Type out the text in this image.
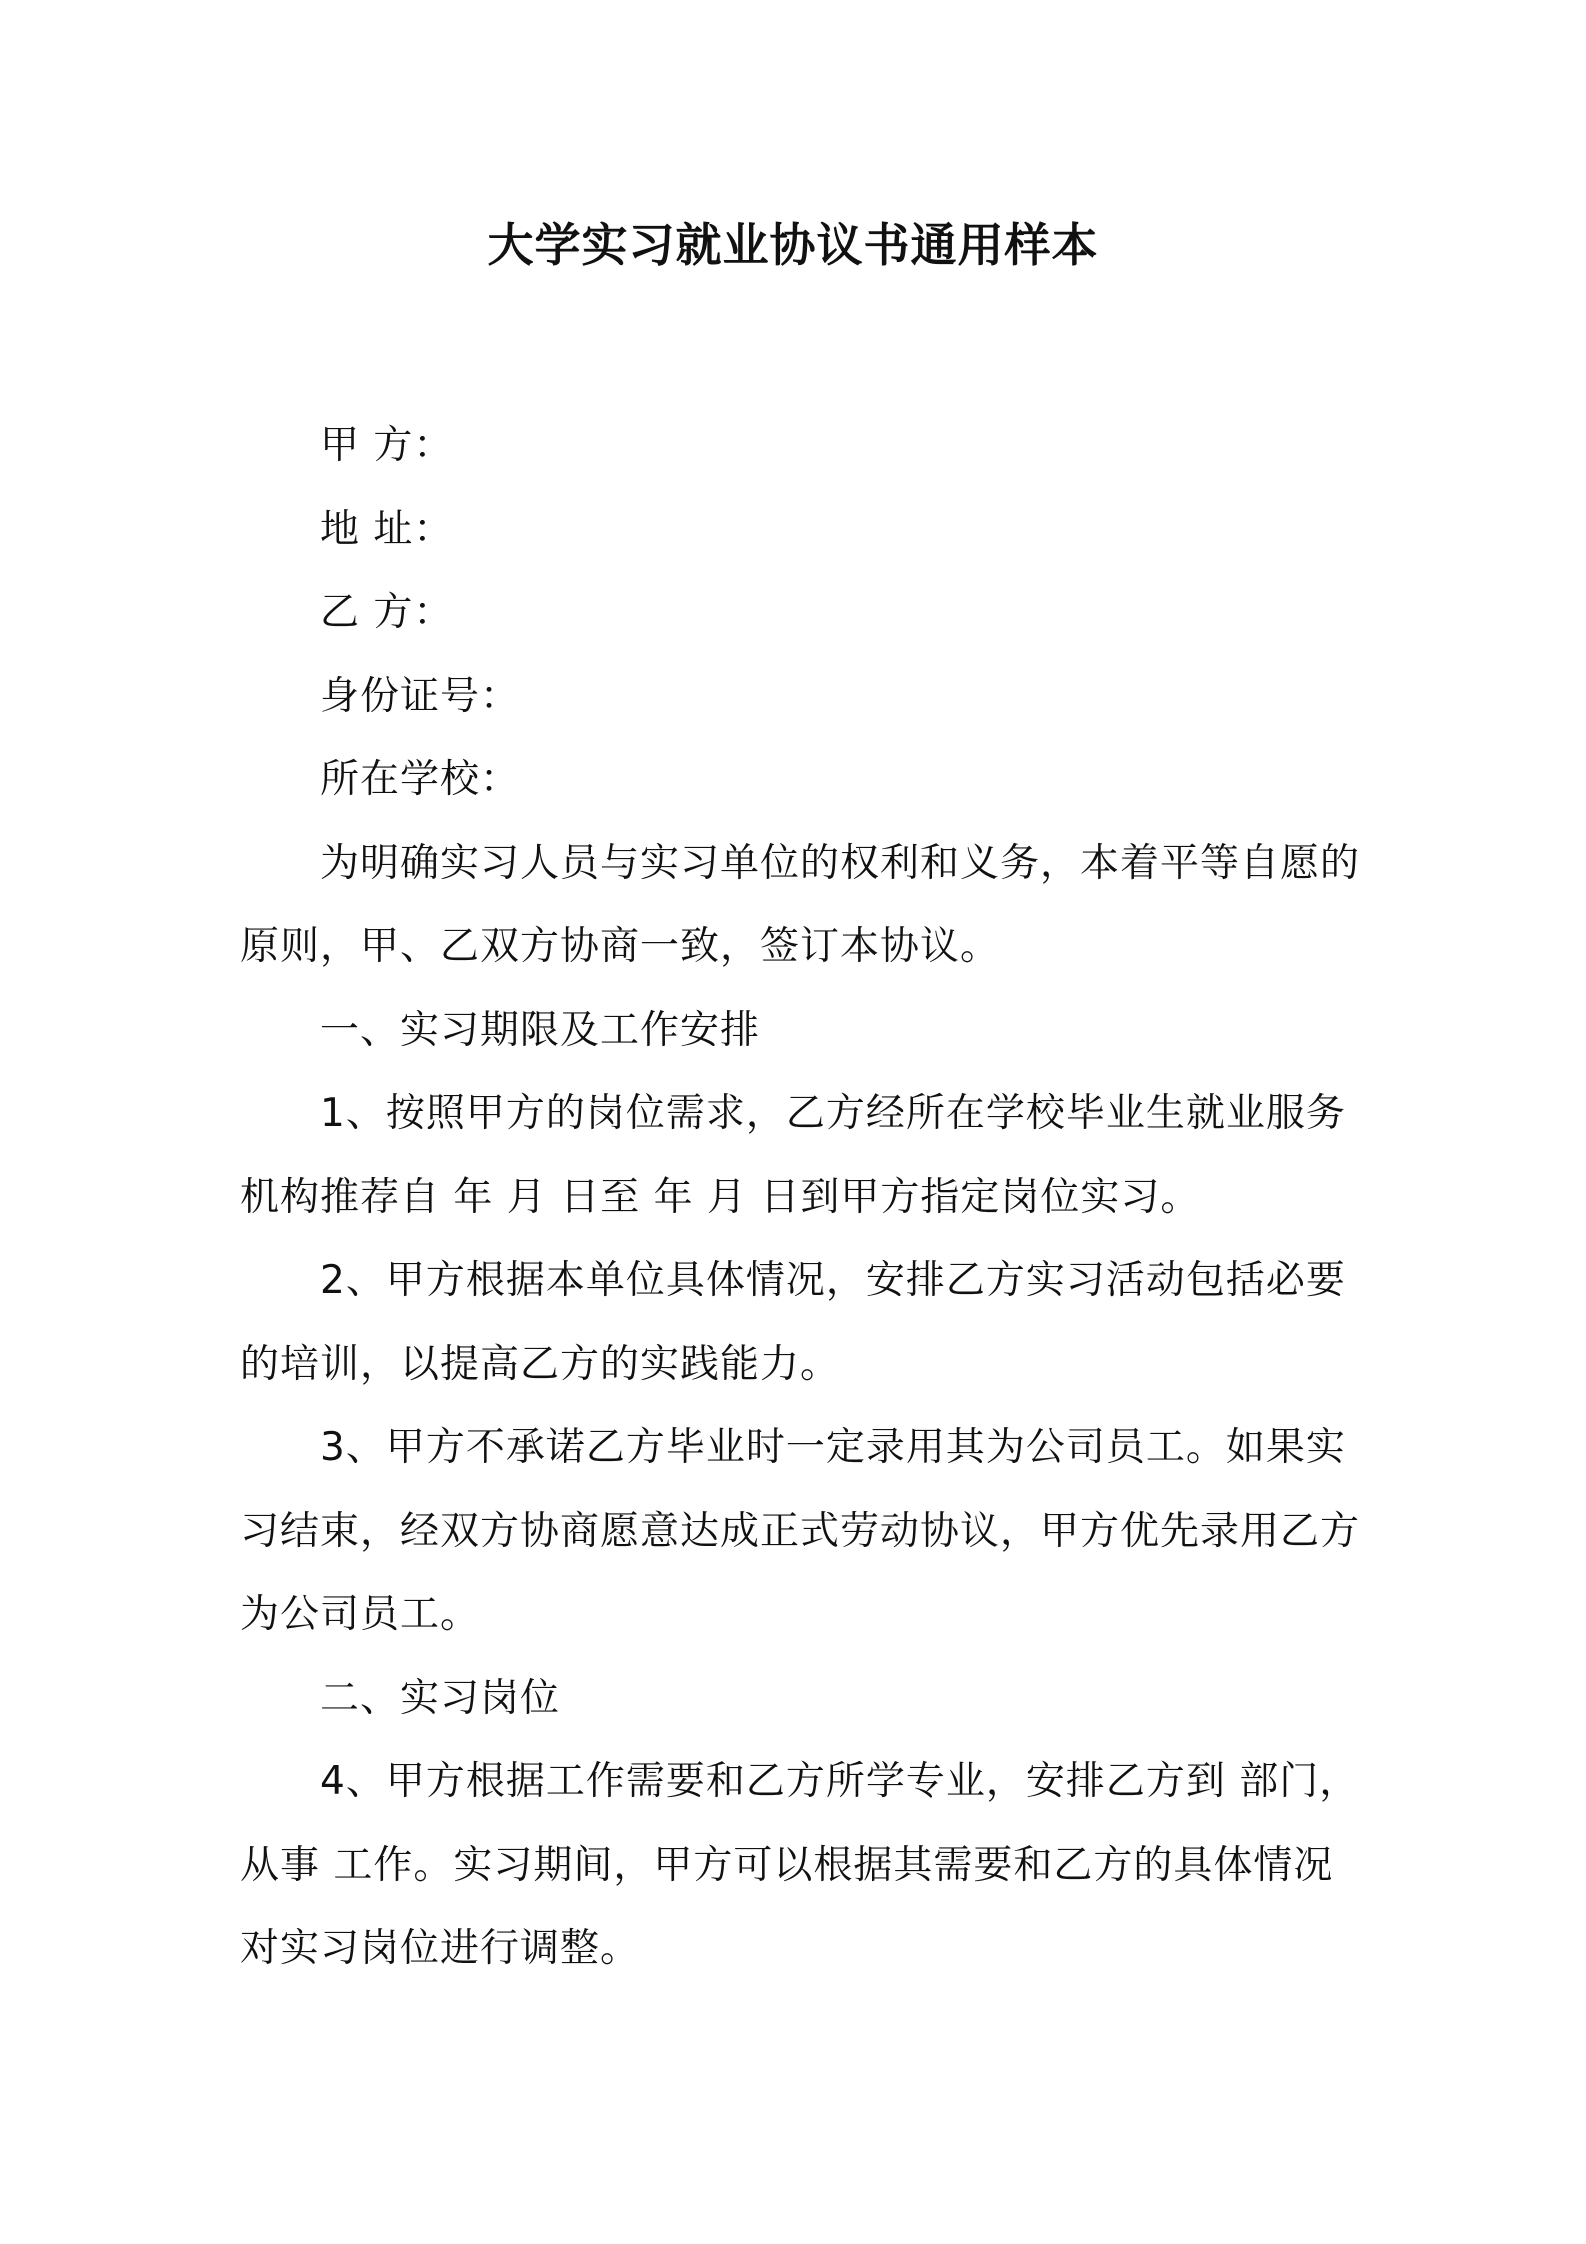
大学实习就业协议书通用样本
甲 方：
地 址：
乙 方：
身份证号：
所在学校：
为明确实习人员与实习单位的权利和义务，本着平等自愿的
原则，甲、乙双方协商一致，签订本协议。
一、实习期限及工作安排
1、按照甲方的岗位需求，乙方经所在学校毕业生就业服务
机构推荐自 年 月 日至 年 月 日到甲方指定岗位实习。
2、甲方根据本单位具体情况，安排乙方实习活动包括必要
的培训，以提高乙方的实践能力。
3、甲方不承诺乙方毕业时一定录用其为公司员工。如果实
习结束，经双方协商愿意达成正式劳动协议，甲方优先录用乙方
为公司员工。
二、实习岗位
4、甲方根据工作需要和乙方所学专业，安排乙方到 部门，
从事 工作。实习期间，甲方可以根据其需要和乙方的具体情况
对实习岗位进行调整。
